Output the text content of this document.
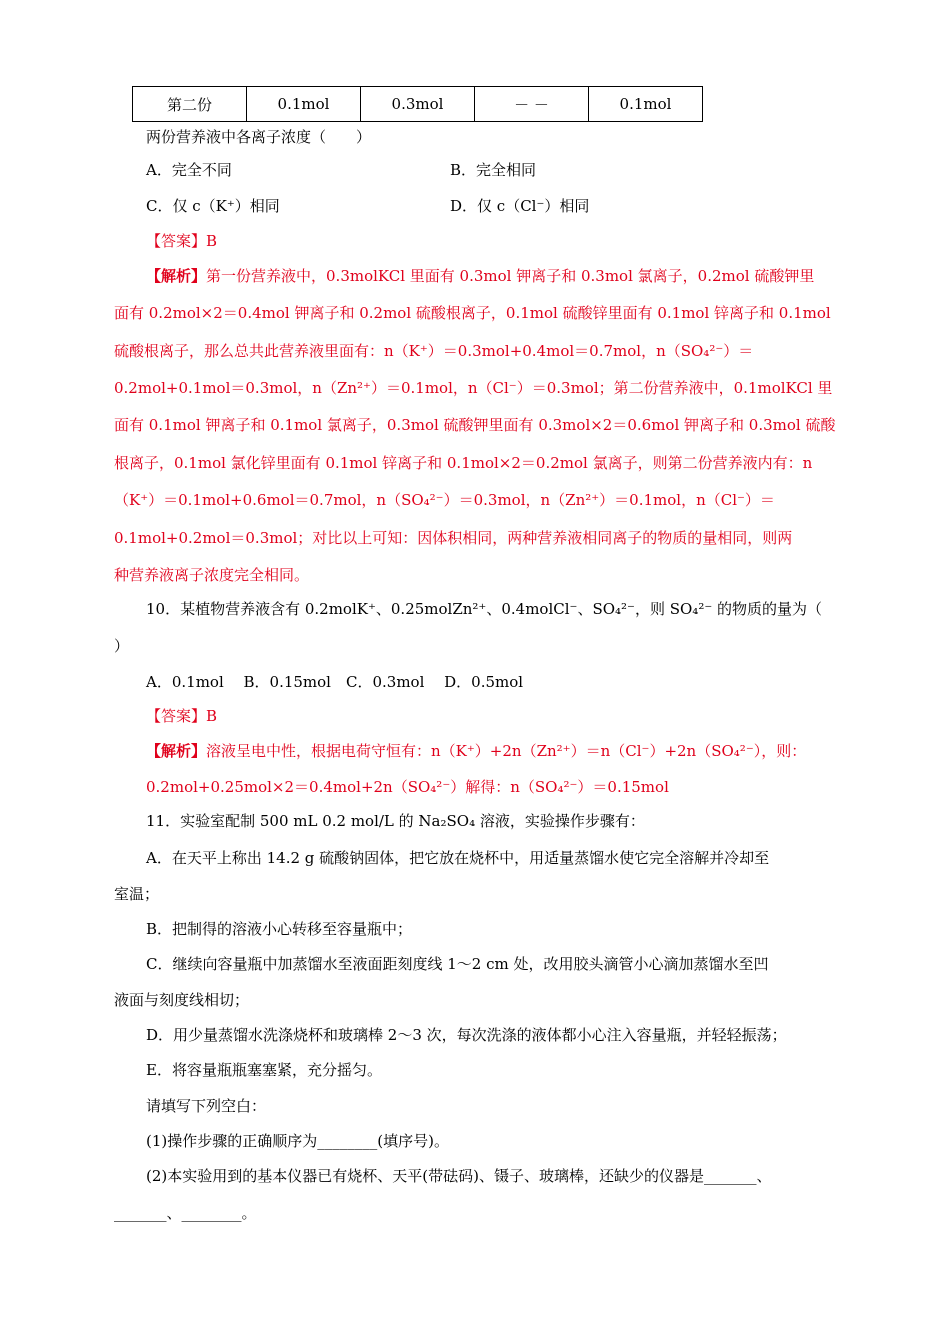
第二份	0.1mol	0.3mol	－ －	0.1mol
两份营养液中各离子浓度（　　）
A．完全不同	B．完全相同
C．仅 c（K⁺）相同	D．仅 c（Cl⁻）相同
【答案】B
【解析】第一份营养液中，0.3molKCl 里面有 0.3mol 钾离子和 0.3mol 氯离子，0.2mol 硫酸钾里
面有 0.2mol×2＝0.4mol 钾离子和 0.2mol 硫酸根离子，0.1mol 硫酸锌里面有 0.1mol 锌离子和 0.1mol
硫酸根离子，那么总共此营养液里面有：n（K⁺）＝0.3mol+0.4mol＝0.7mol，n（SO₄²⁻）＝
0.2mol+0.1mol＝0.3mol，n（Zn²⁺）＝0.1mol，n（Cl⁻）＝0.3mol；第二份营养液中，0.1molKCl 里
面有 0.1mol 钾离子和 0.1mol 氯离子，0.3mol 硫酸钾里面有 0.3mol×2＝0.6mol 钾离子和 0.3mol 硫酸
根离子，0.1mol 氯化锌里面有 0.1mol 锌离子和 0.1mol×2＝0.2mol 氯离子，则第二份营养液内有：n
（K⁺）＝0.1mol+0.6mol＝0.7mol，n（SO₄²⁻）＝0.3mol，n（Zn²⁺）＝0.1mol，n（Cl⁻）＝
0.1mol+0.2mol＝0.3mol；对比以上可知：因体积相同，两种营养液相同离子的物质的量相同，则两
种营养液离子浓度完全相同。
10．某植物营养液含有 0.2molK⁺、0.25molZn²⁺、0.4molCl⁻、SO₄²⁻，则 SO₄²⁻ 的物质的量为（
）
A．0.1mol　 B．0.15mol　C．0.3mol　 D．0.5mol
【答案】B
【解析】溶液呈电中性，根据电荷守恒有：n（K⁺）+2n（Zn²⁺）＝n（Cl⁻）+2n（SO₄²⁻），则：
0.2mol+0.25mol×2＝0.4mol+2n（SO₄²⁻）解得：n（SO₄²⁻）＝0.15mol
11．实验室配制 500 mL 0.2 mol/L 的 Na₂SO₄ 溶液，实验操作步骤有：
A．在天平上称出 14.2 g 硫酸钠固体，把它放在烧杯中，用适量蒸馏水使它完全溶解并冷却至
室温；
B．把制得的溶液小心转移至容量瓶中；
C．继续向容量瓶中加蒸馏水至液面距刻度线 1～2 cm 处，改用胶头滴管小心滴加蒸馏水至凹
液面与刻度线相切；
D．用少量蒸馏水洗涤烧杯和玻璃棒 2～3 次，每次洗涤的液体都小心注入容量瓶，并轻轻振荡；
E．将容量瓶瓶塞塞紧，充分摇匀。
请填写下列空白：
(1)操作步骤的正确顺序为________(填序号)。
(2)本实验用到的基本仪器已有烧杯、天平(带砝码)、镊子、玻璃棒，还缺少的仪器是_______、
_______、________。
